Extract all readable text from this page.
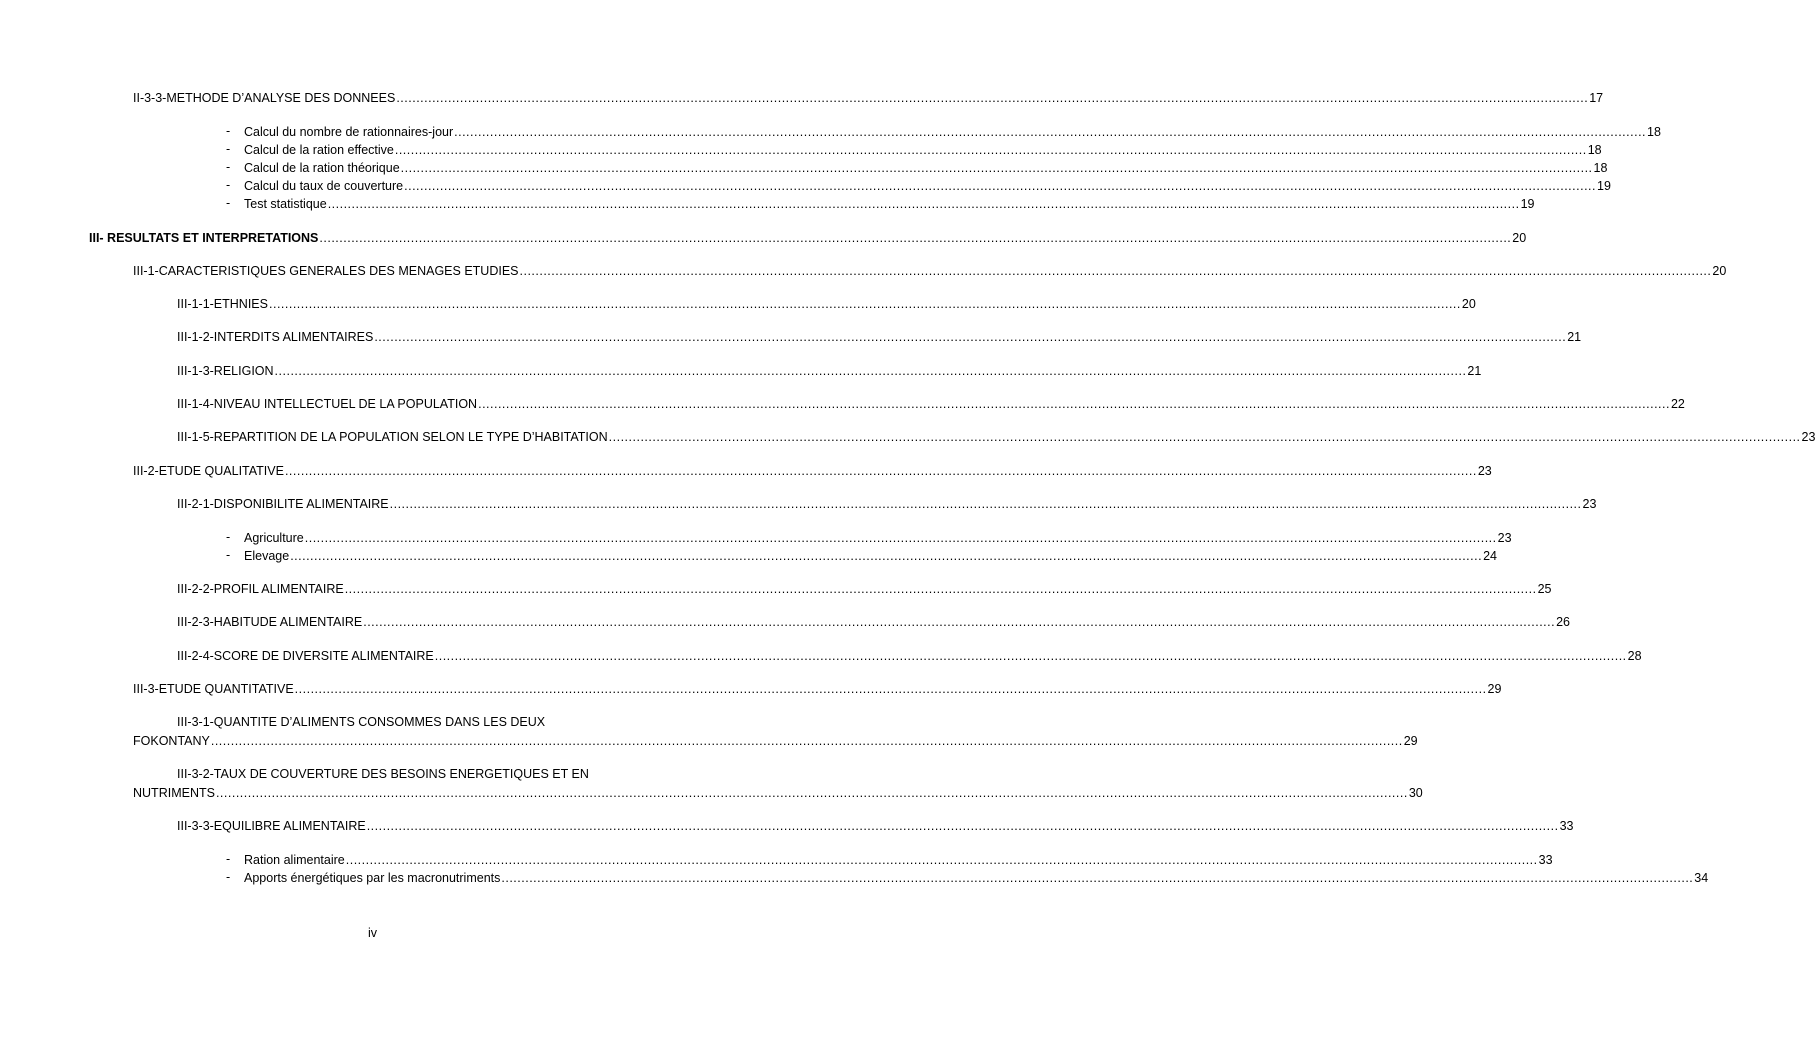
II-3-3-METHODE D’ANALYSE DES DONNEES ............................................................................................................................................................................................................................................................................................................ 17
-	Calcul du nombre de rationnaires-jour ............................................................................................................................................................................................................................................................................................................ 18
-	Calcul de la ration effective ............................................................................................................................................................................................................................................................................................................ 18
-	Calcul de la ration théorique ............................................................................................................................................................................................................................................................................................................ 18
-	Calcul du taux de couverture ............................................................................................................................................................................................................................................................................................................ 19
-	Test statistique ............................................................................................................................................................................................................................................................................................................ 19
III- RESULTATS ET INTERPRETATIONS ............................................................................................................................................................................................................................................................................................................ 20
III-1-CARACTERISTIQUES GENERALES DES MENAGES ETUDIES ............................................................................................................................................................................................................................................................................................................ 20
III-1-1-ETHNIES ............................................................................................................................................................................................................................................................................................................ 20
III-1-2-INTERDITS ALIMENTAIRES ............................................................................................................................................................................................................................................................................................................ 21
III-1-3-RELIGION ............................................................................................................................................................................................................................................................................................................ 21
III-1-4-NIVEAU INTELLECTUEL DE LA POPULATION ............................................................................................................................................................................................................................................................................................................ 22
III-1-5-REPARTITION DE LA POPULATION SELON LE TYPE D’HABITATION ............................................................................................................................................................................................................................................................................................................ 23
III-2-ETUDE QUALITATIVE ............................................................................................................................................................................................................................................................................................................ 23
III-2-1-DISPONIBILITE ALIMENTAIRE ............................................................................................................................................................................................................................................................................................................ 23
-	Agriculture ............................................................................................................................................................................................................................................................................................................ 23
-	Elevage ............................................................................................................................................................................................................................................................................................................ 24
III-2-2-PROFIL ALIMENTAIRE ............................................................................................................................................................................................................................................................................................................ 25
III-2-3-HABITUDE ALIMENTAIRE ............................................................................................................................................................................................................................................................................................................ 26
III-2-4-SCORE DE DIVERSITE ALIMENTAIRE ............................................................................................................................................................................................................................................................................................................ 28
III-3-ETUDE QUANTITATIVE ............................................................................................................................................................................................................................................................................................................ 29
III-3-1-QUANTITE D’ALIMENTS CONSOMMES DANS LES DEUX
FOKONTANY ............................................................................................................................................................................................................................................................................................................ 29
III-3-2-TAUX DE COUVERTURE DES BESOINS ENERGETIQUES ET EN
NUTRIMENTS ............................................................................................................................................................................................................................................................................................................ 30
III-3-3-EQUILIBRE ALIMENTAIRE ............................................................................................................................................................................................................................................................................................................ 33
-	Ration alimentaire ............................................................................................................................................................................................................................................................................................................ 33
-	Apports énergétiques par les macronutriments ............................................................................................................................................................................................................................................................................................................ 34
iv
